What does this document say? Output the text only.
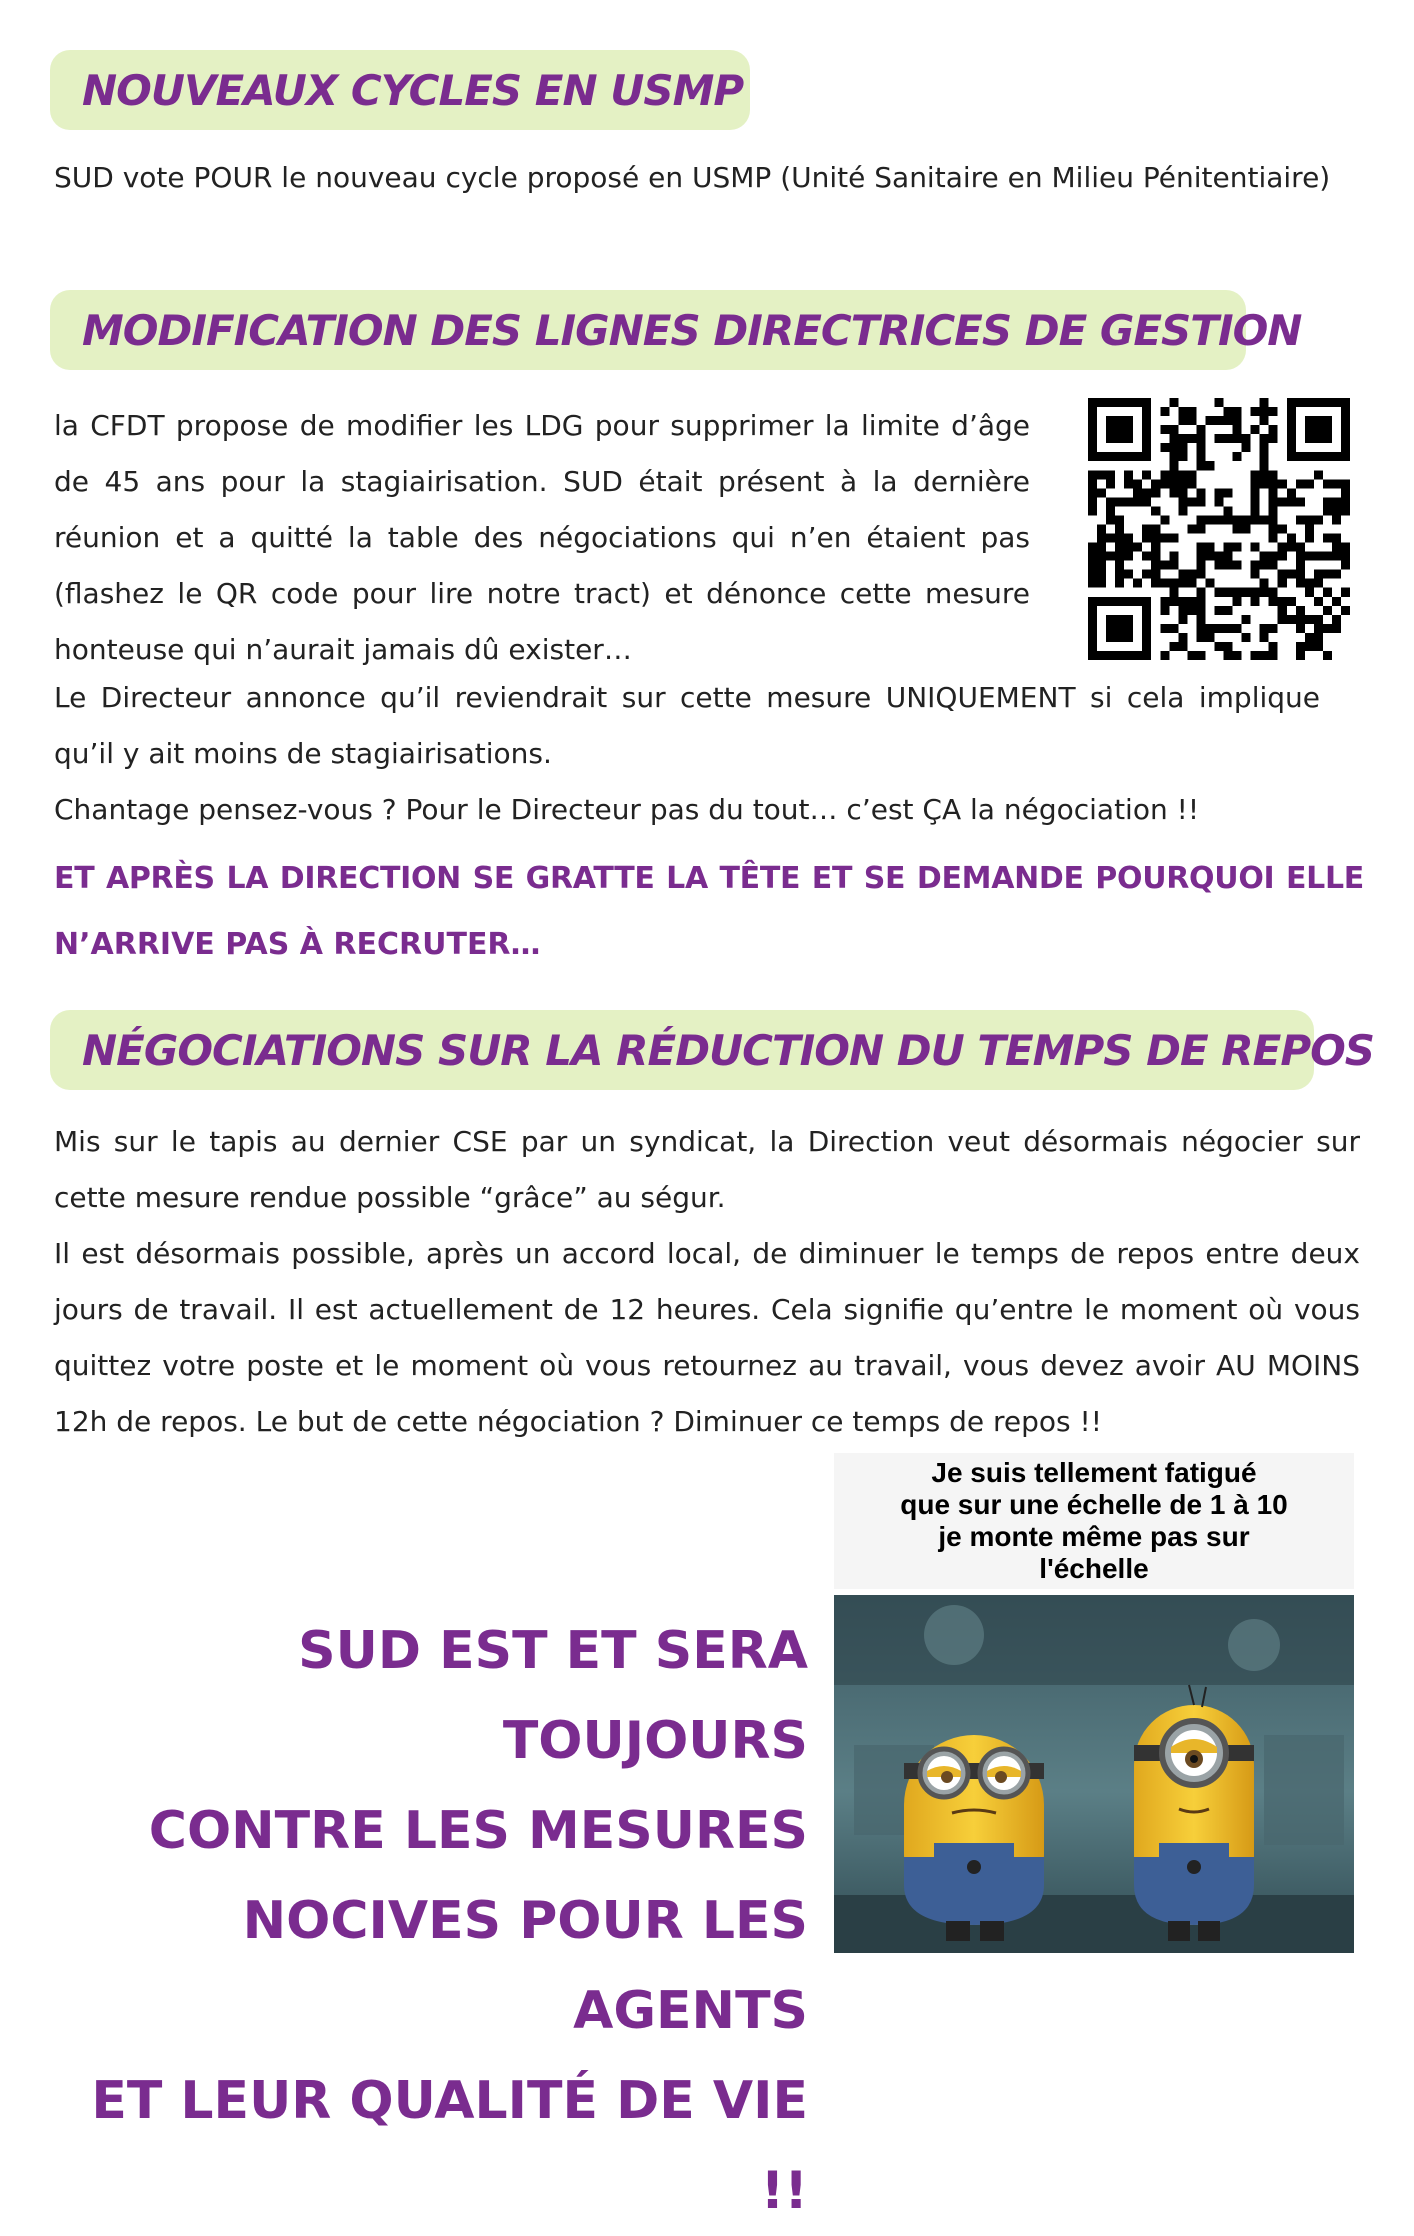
NOUVEAUX CYCLES EN USMP

SUD vote POUR le nouveau cycle proposé en USMP (Unité Sanitaire en Milieu Pénitentiaire)

MODIFICATION DES LIGNES DIRECTRICES DE GESTION

la CFDT propose de modifier les LDG pour supprimer la limite d’âge de 45 ans pour la stagiairisation. SUD était présent à la dernière réunion et a quitté la table des négociations qui n’en étaient pas (flashez le QR code pour lire notre tract) et dénonce cette mesure honteuse qui n’aurait jamais dû exister…

Le Directeur annonce qu’il reviendrait sur cette mesure UNIQUEMENT si cela implique qu’il y ait moins de stagiairisations.

Chantage pensez-vous ? Pour le Directeur pas du tout… c’est ÇA la négociation !!

ET APRÈS LA DIRECTION SE GRATTE LA TÊTE ET SE DEMANDE POURQUOI ELLE
N’ARRIVE PAS À RECRUTER…
NÉGOCIATIONS SUR LA RÉDUCTION DU TEMPS DE REPOS

Mis sur le tapis au dernier CSE par un syndicat, la Direction veut désormais négocier sur cette mesure rendue possible “grâce” au ségur.

Il est désormais possible, après un accord local, de diminuer le temps de repos entre deux jours de travail. Il est actuellement de 12 heures. Cela signifie qu’entre le moment où vous quittez votre poste et le moment où vous retournez au travail, vous devez avoir AU MOINS 12h de repos. Le but de cette négociation ? Diminuer ce temps de repos !!

SUD EST ET SERA TOUJOURS
CONTRE LES MESURES
NOCIVES POUR LES AGENTS
ET LEUR QUALITÉ DE VIE !!
Je suis tellement fatigué
que sur une échelle de 1 à 10
je monte même pas sur
l'échelle
